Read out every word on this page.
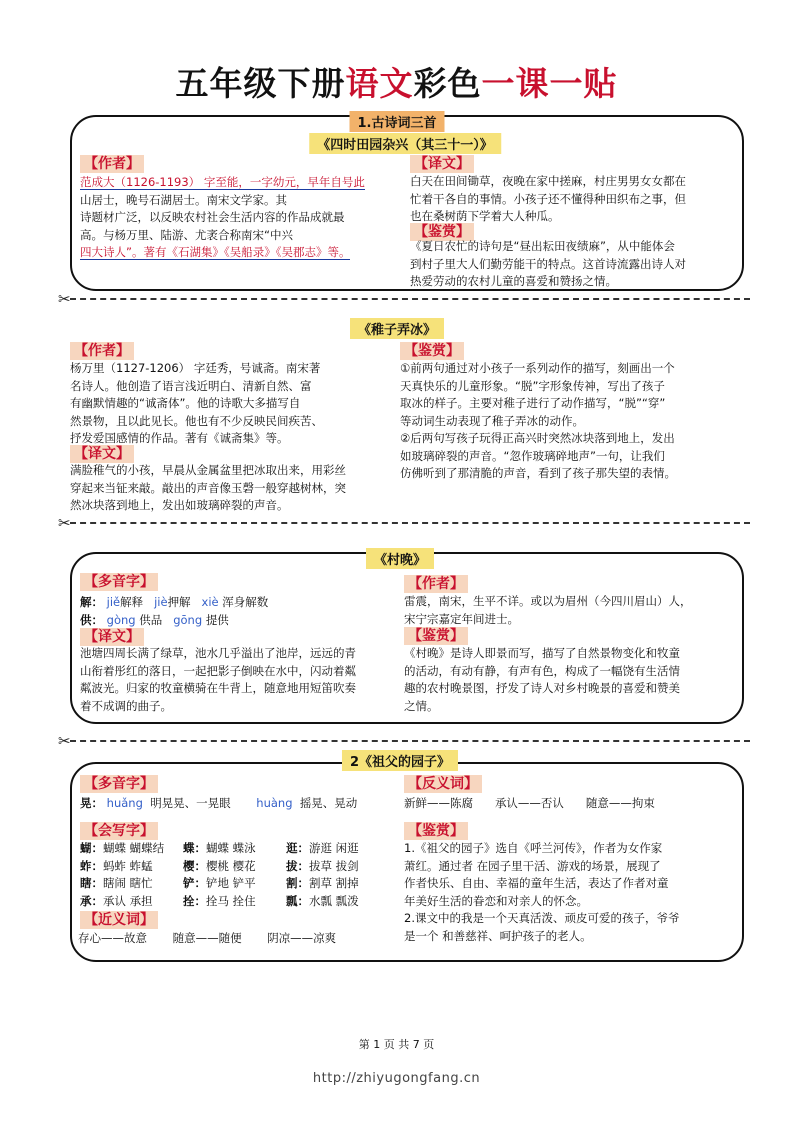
五年级下册语文彩色一课一贴
1.古诗词三首
《四时田园杂兴（其三十一）》
【作者】

范成大（1126-1193） 字至能，一字幼元，早年自号此

山居士，晚号石湖居士。南宋文学家。其

诗题材广泛，以反映农村社会生活内容的作品成就最

高。与杨万里、陆游、尤袤合称南宋“中兴

四大诗人”。著有《石湖集》《吴船录》《吴郡志》等。

【译文】

白天在田间锄草，夜晚在家中搓麻，村庄男男女女都在

忙着干各自的事情。小孩子还不懂得种田织布之事，但

也在桑树荫下学着大人种瓜。

【鉴赏】

《夏日农忙的诗句是“昼出耘田夜绩麻”，从中能体会

到村子里大人们勤劳能干的特点。这首诗流露出诗人对

热爱劳动的农村儿童的喜爱和赞扬之情。

✂
《稚子弄冰》
【作者】

杨万里（1127-1206） 字廷秀，号诚斋。南宋著

名诗人。他创造了语言浅近明白、清新自然、富

有幽默情趣的“诚斋体”。他的诗歌大多描写自

然景物，且以此见长。他也有不少反映民间疾苦、

抒发爱国感情的作品。著有《诚斋集》等。

【译文】

满脸稚气的小孩，早晨从金属盆里把冰取出来，用彩丝

穿起来当钲来敲。敲出的声音像玉磬一般穿越树林，突

然冰块落到地上，发出如玻璃碎裂的声音。

【鉴赏】

①前两句通过对小孩子一系列动作的描写，刻画出一个

天真快乐的儿童形象。“脱”字形象传神，写出了孩子

取冰的样子。主要对稚子进行了动作描写，“脱”“穿”

等动词生动表现了稚子弄冰的动作。

②后两句写孩子玩得正高兴时突然冰块落到地上，发出

如玻璃碎裂的声音。“忽作玻璃碎地声”一句，让我们

仿佛听到了那清脆的声音，看到了孩子那失望的表情。

✂
《村晚》
【多音字】

解： jiě解释 jiè押解 xiè 浑身解数

供： gòng 供品 gōng 提供

【译文】

池塘四周长满了绿草，池水几乎溢出了池岸，远远的青

山衔着彤红的落日，一起把影子倒映在水中，闪动着粼

粼波光。归家的牧童横骑在牛背上，随意地用短笛吹奏

着不成调的曲子。

【作者】

雷震，南宋，生平不详。或以为眉州（今四川眉山）人，

宋宁宗嘉定年间进士。

【鉴赏】

《村晚》是诗人即景而写，描写了自然景物变化和牧童

的活动，有动有静，有声有色，构成了一幅饶有生活情

趣的农村晚景图，抒发了诗人对乡村晚景的喜爱和赞美

之情。

✂
2《祖父的园子》
【多音字】

晃： huǎng 明晃晃、一晃眼 huàng 摇晃、晃动

【会写字】

蝴：蝴蝶 蝴蝶结 蝶：蝴蝶 蝶泳	逛：游逛 闲逛

蚱：蚂蚱 蚱蜢	樱：樱桃 樱花	拔：拔草 拔剑

瞎：瞎闹 瞎忙	铲：铲地 铲平	割：割草 割掉

承：承认 承担	拴：拴马 拴住	瓢：水瓢 瓢泼

【近义词】

存心——故意 随意——随便 阴凉——凉爽

【反义词】

新鲜——陈腐 承认——否认 随意——拘束

【鉴赏】

1.《祖父的园子》选自《呼兰河传》，作者为女作家

萧红。通过者 在园子里干活、游戏的场景，展现了

作者快乐、自由、幸福的童年生活，表达了作者对童

年美好生活的眷恋和对亲人的怀念。

2.课文中的我是一个天真活泼、顽皮可爱的孩子，爷爷

是一个 和善慈祥、呵护孩子的老人。

第 1 页 共 7 页
http://zhiyugongfang.cn
